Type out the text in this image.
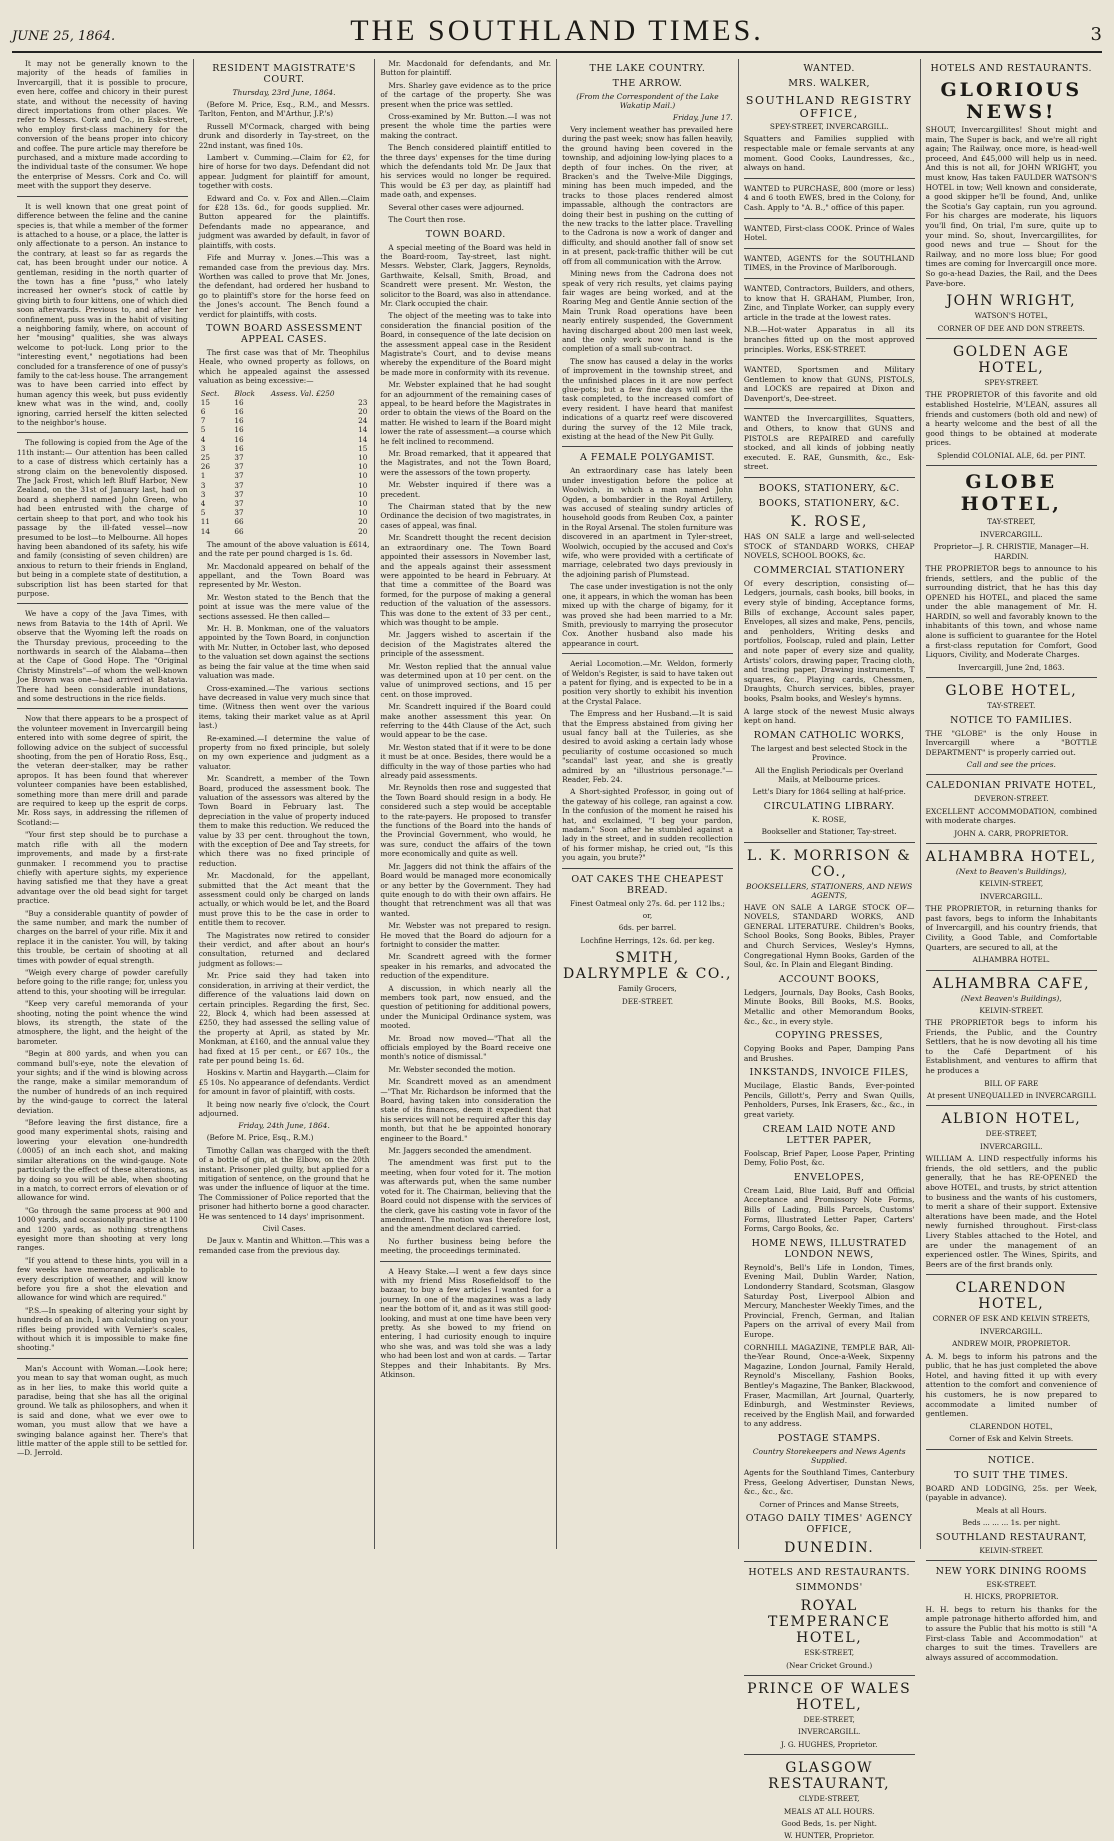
JUNE 25, 1864.	THE SOUTHLAND TIMES.	3

It may not be generally known to the majority of the heads of families in Invercargill, that it is possible to procure, even here, coffee and chicory in their purest state, and without the necessity of having direct importations from other places. We refer to Messrs. Cork and Co., in Esk-street, who employ first-class machinery for the conversion of the beans proper into chicory and coffee. The pure article may therefore be purchased, and a mixture made according to the individual taste of the consumer. We hope the enterprise of Messrs. Cork and Co. will meet with the support they deserve.

It is well known that one great point of difference between the feline and the canine species is, that while a member of the former is attached to a house, or a place, the latter is only affectionate to a person. An instance to the contrary, at least so far as regards the cat, has been brought under our notice. A gentleman, residing in the north quarter of the town has a fine "puss," who lately increased her owner's stock of cattle by giving birth to four kittens, one of which died soon afterwards. Previous to, and after her confinement, puss was in the habit of visiting a neighboring family, where, on account of her "mousing" qualities, she was always welcome to pot-luck. Long prior to the "interesting event," negotiations had been concluded for a transference of one of pussy's family to the cat-less house. The arrangement was to have been carried into effect by human agency this week, but puss evidently knew what was in the wind, and, coolly ignoring, carried herself the kitten selected to the neighbor's house.

The following is copied from the Age of the 11th instant:— Our attention has been called to a case of distress which certainly has a strong claim on the benevolently disposed. The Jack Frost, which left Bluff Harbor, New Zealand, on the 31st of January last, had on board a shepherd named John Green, who had been entrusted with the charge of certain sheep to that port, and who took his passage by the ill-fated vessel—now presumed to be lost—to Melbourne. All hopes having been abandoned of its safety, his wife and family (consisting of seven children) are anxious to return to their friends in England, but being in a complete state of destitution, a subscription list has been started for that purpose.

We have a copy of the Java Times, with news from Batavia to the 14th of April. We observe that the Wyoming left the roads on the Thursday previous, proceeding to the northwards in search of the Alabama—then at the Cape of Good Hope. The "Original Christy Minstrels"—of whom the well-known Joe Brown was one—had arrived at Batavia. There had been considerable inundations, and some destructions in the rice fields.

Now that there appears to be a prospect of the volunteer movement in Invercargill being entered into with some degree of spirit, the following advice on the subject of successful shooting, from the pen of Horatio Ross, Esq., the veteran deer-stalker, may be rather apropos. It has been found that wherever volunteer companies have been established, something more than mere drill and parade are required to keep up the esprit de corps. Mr. Ross says, in addressing the riflemen of Scotland:—

"Your first step should be to purchase a match rifle with all the modern improvements, and made by a first-rate gunmaker. I recommend you to practise chiefly with aperture sights, my experience having satisfied me that they have a great advantage over the old bead sight for target practice.

"Buy a considerable quantity of powder of the same number, and mark the number of charges on the barrel of your rifle. Mix it and replace it in the canister. You will, by taking this trouble, be certain of shooting at all times with powder of equal strength.

"Weigh every charge of powder carefully before going to the rifle range; for, unless you attend to this, your shooting will be irregular.

"Keep very careful memoranda of your shooting, noting the point whence the wind blows, its strength, the state of the atmosphere, the light, and the height of the barometer.

"Begin at 800 yards, and when you can command bull's-eye, note the elevation of your sights; and if the wind is blowing across the range, make a similar memorandum of the number of hundreds of an inch required by the wind-gauge to correct the lateral deviation.

"Before leaving the first distance, fire a good many experimental shots, raising and lowering your elevation one-hundredth (.0005) of an inch each shot, and making similar alterations on the wind-gauge. Note particularly the effect of these alterations, as by doing so you will be able, when shooting in a match, to correct errors of elevation or of allowance for wind.

"Go through the same process at 900 and 1000 yards, and occasionally practise at 1100 and 1200 yards, as nothing strengthens eyesight more than shooting at very long ranges.

"If you attend to these hints, you will in a few weeks have memoranda applicable to every description of weather, and will know before you fire a shot the elevation and allowance for wind which are required."

"P.S.—In speaking of altering your sight by hundreds of an inch, I am calculating on your rifles being provided with Vernier's scales, without which it is impossible to make fine shooting."

Man's Account with Woman.—Look here; you mean to say that woman ought, as much as in her lies, to make this world quite a paradise, being that she has all the original ground. We talk as philosophers, and when it is said and done, what we ever owe to woman, you must allow that we have a swinging balance against her. There's that little matter of the apple still to be settled for.—D. Jerrold.

RESIDENT MAGISTRATE'S COURT.
Thursday, 23rd June, 1864.

(Before M. Price, Esq., R.M., and Messrs. Tarlton, Fenton, and M'Arthur, J.P.'s)

Russell M'Cormack, charged with being drunk and disorderly in Tay-street, on the 22nd instant, was fined 10s.

Lambert v. Cumming.—Claim for £2, for hire of horse for two days. Defendant did not appear. Judgment for plaintiff for amount, together with costs.

Edward and Co. v. Fox and Allen.—Claim for £28 13s. 6d., for goods supplied. Mr. Button appeared for the plaintiffs. Defendants made no appearance, and judgment was awarded by default, in favor of plaintiffs, with costs.

Fife and Murray v. Jones.—This was a remanded case from the previous day. Mrs. Worthen was called to prove that Mr. Jones, the defendant, had ordered her husband to go to plaintiff's store for the horse feed on the Jones's account. The Bench found a verdict for plaintiffs, with costs.

TOWN BOARD ASSESSMENT APPEAL CASES.

The first case was that of Mr. Theophilus Heale, who owned property as follows, on which he appealed against the assessed valuation as being excessive:—

Sect.	Block	Assess. Val. £250
15	16	23
6	16	20
7	16	24
5	16	14
4	16	14
3	16	15
25	37	10
26	37	10
1	37	10
3	37	10
3	37	10
4	37	10
5	37	10
11	66	20
14	66	20

The amount of the above valuation is £614, and the rate per pound charged is 1s. 6d.

Mr. Macdonald appeared on behalf of the appellant, and the Town Board was represented by Mr. Weston.

Mr. Weston stated to the Bench that the point at issue was the mere value of the sections assessed. He then called—

Mr. H. B. Monkman, one of the valuators appointed by the Town Board, in conjunction with Mr. Nutter, in October last, who deposed to the valuation set down against the sections as being the fair value at the time when said valuation was made.

Cross-examined.—The various sections have decreased in value very much since that time. (Witness then went over the various items, taking their market value as at April last.)

Re-examined.—I determine the value of property from no fixed principle, but solely on my own experience and judgment as a valuator.

Mr. Scandrett, a member of the Town Board, produced the assessment book. The valuation of the assessors was altered by the Town Board in February last. The depreciation in the value of property induced them to make this reduction. We reduced the value by 33 per cent. throughout the town, with the exception of Dee and Tay streets, for which there was no fixed principle of reduction.

Mr. Macdonald, for the appellant, submitted that the Act meant that the assessment could only be charged on lands actually, or which would be let, and the Board must prove this to be the case in order to entitle them to recover.

The Magistrates now retired to consider their verdict, and after about an hour's consultation, returned and declared judgment as follows:—

Mr. Price said they had taken into consideration, in arriving at their verdict, the difference of the valuations laid down on certain principles. Regarding the first, Sec. 22, Block 4, which had been assessed at £250, they had assessed the selling value of the property at April, as stated by Mr. Monkman, at £160, and the annual value they had fixed at 15 per cent., or £67 10s., the rate per pound being 1s. 6d.

Hoskins v. Martin and Haygarth.—Claim for £5 10s. No appearance of defendants. Verdict for amount in favor of plaintiff, with costs.

It being now nearly five o'clock, the Court adjourned.

Friday, 24th June, 1864.

(Before M. Price, Esq., R.M.)

Timothy Callan was charged with the theft of a bottle of gin, at the Elbow, on the 20th instant. Prisoner pled guilty, but applied for a mitigation of sentence, on the ground that he was under the influence of liquor at the time. The Commissioner of Police reported that the prisoner had hitherto borne a good character. He was sentenced to 14 days' imprisonment.

Civil Cases.

De Jaux v. Mantin and Whitton.—This was a remanded case from the previous day.

Mr. Macdonald for defendants, and Mr. Button for plaintiff.

Mrs. Sharley gave evidence as to the price of the cartage of the property. She was present when the price was settled.

Cross-examined by Mr. Button.—I was not present the whole time the parties were making the contract.

The Bench considered plaintiff entitled to the three days' expenses for the time during which the defendants told Mr. De Jaux that his services would no longer be required. This would be £3 per day, as plaintiff had made oath, and expenses.

Several other cases were adjourned.

The Court then rose.

TOWN BOARD.

A special meeting of the Board was held in the Board-room, Tay-street, last night. Messrs. Webster, Clark, Jaggers, Reynolds, Garthwaite, Kelsall, Smith, Broad, and Scandrett were present. Mr. Weston, the solicitor to the Board, was also in attendance. Mr. Clark occupied the chair.

The object of the meeting was to take into consideration the financial position of the Board, in consequence of the late decision on the assessment appeal case in the Resident Magistrate's Court, and to devise means whereby the expenditure of the Board might be made more in conformity with its revenue.

Mr. Webster explained that he had sought for an adjournment of the remaining cases of appeal, to be heard before the Magistrates in order to obtain the views of the Board on the matter. He wished to learn if the Board might lower the rate of assessment—a course which he felt inclined to recommend.

Mr. Broad remarked, that it appeared that the Magistrates, and not the Town Board, were the assessors of the town property.

Mr. Webster inquired if there was a precedent.

The Chairman stated that by the new Ordinance the decision of two magistrates, in cases of appeal, was final.

Mr. Scandrett thought the recent decision an extraordinary one. The Town Board appointed their assessors in November last, and the appeals against their assessment were appointed to be heard in February. At that time a committee of the Board was formed, for the purpose of making a general reduction of the valuation of the assessors. This was done to the extent of 33 per cent., which was thought to be ample.

Mr. Jaggers wished to ascertain if the decision of the Magistrates altered the principle of the assessment.

Mr. Weston replied that the annual value was determined upon at 10 per cent. on the value of unimproved sections, and 15 per cent. on those improved.

Mr. Scandrett inquired if the Board could make another assessment this year. On referring to the 44th Clause of the Act, such would appear to be the case.

Mr. Weston stated that if it were to be done it must be at once. Besides, there would be a difficulty in the way of those parties who had already paid assessments.

Mr. Reynolds then rose and suggested that the Town Board should resign in a body. He considered such a step would be acceptable to the rate-payers. He proposed to transfer the functions of the Board into the hands of the Provincial Government, who would, he was sure, conduct the affairs of the town more economically and quite as well.

Mr. Jaggers did not think the affairs of the Board would be managed more economically or any better by the Government. They had quite enough to do with their own affairs. He thought that retrenchment was all that was wanted.

Mr. Webster was not prepared to resign. He moved that the Board do adjourn for a fortnight to consider the matter.

Mr. Scandrett agreed with the former speaker in his remarks, and advocated the reduction of the expenditure.

A discussion, in which nearly all the members took part, now ensued, and the question of petitioning for additional powers, under the Municipal Ordinance system, was mooted.

Mr. Broad now moved—"That all the officials employed by the Board receive one month's notice of dismissal."

Mr. Webster seconded the motion.

Mr. Scandrett moved as an amendment—"That Mr. Richardson be informed that the Board, having taken into consideration the state of its finances, deem it expedient that his services will not be required after this day month, but that he be appointed honorary engineer to the Board."

Mr. Jaggers seconded the amendment.

The amendment was first put to the meeting, when four voted for it. The motion was afterwards put, when the same number voted for it. The Chairman, believing that the Board could not dispense with the services of the clerk, gave his casting vote in favor of the amendment. The motion was therefore lost, and the amendment declared carried.

No further business being before the meeting, the proceedings terminated.

A Heavy Stake.—I went a few days since with my friend Miss Rosefieldsoff to the bazaar, to buy a few articles I wanted for a journey. In one of the magazines was a lady near the bottom of it, and as it was still good-looking, and must at one time have been very pretty. As she bowed to my friend on entering, I had curiosity enough to inquire who she was, and was told she was a lady who had been lost and won at cards. — Tartar Steppes and their Inhabitants. By Mrs. Atkinson.

THE LAKE COUNTRY.
THE ARROW.
(From the Correspondent of the Lake Wakatip Mail.)
Friday, June 17.

Very inclement weather has prevailed here during the past week; snow has fallen heavily, the ground having been covered in the township, and adjoining low-lying places to a depth of four inches. On the river, at Bracken's and the Twelve-Mile Diggings, mining has been much impeded, and the tracks to those places rendered almost impassable, although the contractors are doing their best in pushing on the cutting of the new tracks to the latter place. Travelling to the Cadrona is now a work of danger and difficulty, and should another fall of snow set in at present, pack-traffic thither will be cut off from all communication with the Arrow.

Mining news from the Cadrona does not speak of very rich results, yet claims paying fair wages are being worked, and at the Roaring Meg and Gentle Annie section of the Main Trunk Road operations have been nearly entirely suspended, the Government having discharged about 200 men last week, and the only work now in hand is the completion of a small sub-contract.

The snow has caused a delay in the works of improvement in the township street, and the unfinished places in it are now perfect glue-pots; but a few fine days will see the task completed, to the increased comfort of every resident. I have heard that manifest indications of a quartz reef were discovered during the survey of the 12 Mile track, existing at the head of the New Pit Gully.

A FEMALE POLYGAMIST.

An extraordinary case has lately been under investigation before the police at Woolwich, in which a man named John Ogden, a bombardier in the Royal Artillery, was accused of stealing sundry articles of household goods from Reuben Cox, a painter in the Royal Arsenal. The stolen furniture was discovered in an apartment in Tyler-street, Woolwich, occupied by the accused and Cox's wife, who were provided with a certificate of marriage, celebrated two days previously in the adjoining parish of Plumstead.

The case under investigation is not the only one, it appears, in which the woman has been mixed up with the charge of bigamy, for it was proved she had been married to a Mr. Smith, previously to marrying the prosecutor Cox. Another husband also made his appearance in court.

Aerial Locomotion.—Mr. Weldon, formerly of Weldon's Register, is said to have taken out a patent for flying, and is expected to be in a position very shortly to exhibit his invention at the Crystal Palace.

The Empress and her Husband.—It is said that the Empress abstained from giving her usual fancy ball at the Tuileries, as she desired to avoid asking a certain lady whose peculiarity of costume occasioned so much "scandal" last year, and she is greatly admired by an "illustrious personage."—Reader, Feb. 24.

A Short-sighted Professor, in going out of the gateway of his college, ran against a cow. In the confusion of the moment he raised his hat, and exclaimed, "I beg your pardon, madam." Soon after he stumbled against a lady in the street, and in sudden recollection of his former mishap, he cried out, "Is this you again, you brute?"

OAT CAKES THE CHEAPEST BREAD.

Finest Oatmeal only 27s. 6d. per 112 lbs.;

or,

6ds. per barrel.

Lochfine Herrings, 12s. 6d. per keg.

SMITH, DALRYMPLE & CO.,

Family Grocers,

DEE-STREET.

WANTED.
MRS. WALKER,
SOUTHLAND REGISTRY OFFICE,

SPEY-STREET, INVERCARGILL.

Squatters and Families supplied with respectable male or female servants at any moment. Good Cooks, Laundresses, &c., always on hand.

WANTED to PURCHASE, 800 (more or less) 4 and 6 tooth EWES, bred in the Colony, for Cash. Apply to "A. B.," office of this paper.

WANTED, First-class COOK. Prince of Wales Hotel.

WANTED, AGENTS for the SOUTHLAND TIMES, in the Province of Marlborough.

WANTED, Contractors, Builders, and others, to know that H. GRAHAM, Plumber, Iron, Zinc, and Tinplate Worker, can supply every article in the trade at the lowest rates.

N.B.—Hot-water Apparatus in all its branches fitted up on the most approved principles. Works, ESK-STREET.

WANTED, Sportsmen and Military Gentlemen to know that GUNS, PISTOLS, and LOCKS are repaired at Dixon and Davenport's, Dee-street.

WANTED the Invercargillites, Squatters, and Others, to know that GUNS and PISTOLS are REPAIRED and carefully stocked, and all kinds of jobbing neatly executed. E. RAE, Gunsmith, &c., Esk-street.

BOOKS, STATIONERY, &C.
BOOKS, STATIONERY, &C.
K. ROSE,

HAS ON SALE a large and well-selected STOCK of STANDARD WORKS, CHEAP NOVELS, SCHOOL BOOKS, &c.

COMMERCIAL STATIONERY

Of every description, consisting of—Ledgers, journals, cash books, bill books, in every style of binding, Acceptance forms, Bills of exchange, Account sales paper, Envelopes, all sizes and make, Pens, pencils, and penholders, Writing desks and portfolios, Foolscap, ruled and plain, Letter and note paper of every size and quality, Artists' colors, drawing paper, Tracing cloth, and tracing paper, Drawing instruments, T squares, &c., Playing cards, Chessmen, Draughts, Church services, bibles, prayer books, Psalm books, and Wesley's hymns.

A large stock of the newest Music always kept on hand.

ROMAN CATHOLIC WORKS,

The largest and best selected Stock in the Province.

All the English Periodicals per Overland Mails, at Melbourne prices.

Lett's Diary for 1864 selling at half-price.

CIRCULATING LIBRARY.

K. ROSE,

Bookseller and Stationer, Tay-street.

L. K. MORRISON & CO.,
BOOKSELLERS, STATIONERS, AND NEWS AGENTS,

HAVE ON SALE A LARGE STOCK OF—NOVELS, STANDARD WORKS, AND GENERAL LITERATURE. Children's Books, School Books, Song Books, Bibles, Prayer and Church Services, Wesley's Hymns, Congregational Hymn Books, Garden of the Soul, &c. In Plain and Elegant Binding.

ACCOUNT BOOKS,

Ledgers, Journals, Day Books, Cash Books, Minute Books, Bill Books, M.S. Books, Metallic and other Memorandum Books, &c., &c., in every style.

COPYING PRESSES,

Copying Books and Paper, Damping Pans and Brushes.

INKSTANDS, INVOICE FILES,

Mucilage, Elastic Bands, Ever-pointed Pencils, Gillott's, Perry and Swan Quills, Penholders, Purses, Ink Erasers, &c., &c., in great variety.

CREAM LAID NOTE AND LETTER PAPER,

Foolscap, Brief Paper, Loose Paper, Printing Demy, Folio Post, &c.

ENVELOPES,

Cream Laid, Blue Laid, Buff and Official Acceptance and Promissory Note Forms, Bills of Lading, Bills Parcels, Customs' Forms, Illustrated Letter Paper, Carters' Forms, Cargo Books, &c.

HOME NEWS, ILLUSTRATED LONDON NEWS,

Reynold's, Bell's Life in London, Times, Evening Mail, Dublin Warder, Nation, Londonderry Standard, Scotsman, Glasgow Saturday Post, Liverpool Albion and Mercury, Manchester Weekly Times, and the Provincial, French, German, and Italian Papers on the arrival of every Mail from Europe.

CORNHILL MAGAZINE, TEMPLE BAR, All-the-Year Round, Once-a-Week, Sixpenny Magazine, London Journal, Family Herald, Reynold's Miscellany, Fashion Books, Bentley's Magazine, The Banker, Blackwood, Fraser, Macmillan, Art Journal, Quarterly, Edinburgh, and Westminster Reviews, received by the English Mail, and forwarded to any address.

POSTAGE STAMPS.
Country Storekeepers and News Agents Supplied.

Agents for the Southland Times, Canterbury Press, Geelong Advertiser, Dunstan News, &c., &c., &c.

Corner of Princes and Manse Streets,

OTAGO DAILY TIMES' AGENCY OFFICE,
DUNEDIN.
HOTELS AND RESTAURANTS.
SIMMONDS'
ROYAL TEMPERANCE HOTEL,

ESK-STREET,

(Near Cricket Ground.)

PRINCE OF WALES HOTEL,

DEE-STREET,

INVERCARGILL.

J. G. HUGHES, Proprietor.

GLASGOW RESTAURANT,

CLYDE-STREET,

MEALS AT ALL HOURS.

Good Beds, 1s. per Night.

W. HUNTER, Proprietor.

HOTELS AND RESTAURANTS.
GLORIOUS NEWS!

SHOUT, Invercargillites! Shout might and main, The Super is back, and we're all right again; The Railway, once more, is head-well proceed, And £45,000 will help us in need. And this is not all, for JOHN WRIGHT, you must know, Has taken FAULDER WATSON'S HOTEL in tow; Well known and considerate, a good skipper he'll be found, And, unlike the Scotia's Gay captain, run you aground. For his charges are moderate, his liquors you'll find, On trial, I'm sure, quite up to your mind. So, shout, Invercargillites, for good news and true — Shout for the Railway, and no more loss blue; For good times are coming for Invercargill once more. So go-a-head Dazies, the Rail, and the Dees Pave-bore.

JOHN WRIGHT,

WATSON'S HOTEL,

CORNER OF DEE AND DON STREETS.

GOLDEN AGE HOTEL,

SPEY-STREET.

THE PROPRIETOR of this favorite and old established Hostelrie, M'LEAN, assures all friends and customers (both old and new) of a hearty welcome and the best of all the good things to be obtained at moderate prices.

Splendid COLONIAL ALE, 6d. per PINT.

GLOBE HOTEL,

TAY-STREET,

INVERCARGILL.

Proprietor—J. R. CHRISTIE, Manager—H. HARDIN.

THE PROPRIETOR begs to announce to his friends, settlers, and the public of the surrounding district, that he has this day OPENED his HOTEL, and placed the same under the able management of Mr. H. HARDIN, so well and favorably known to the inhabitants of this town, and whose name alone is sufficient to guarantee for the Hotel a first-class reputation for Comfort, Good Liquors, Civility, and Moderate Charges.

Invercargill, June 2nd, 1863.

GLOBE HOTEL,

TAY-STREET.

NOTICE TO FAMILIES.

THE "GLOBE" is the only House in Invercargill where a "BOTTLE DEPARTMENT" is properly carried out.

Call and see the prices.
CALEDONIAN PRIVATE HOTEL,

DEVERON-STREET.

EXCELLENT ACCOMMODATION, combined with moderate charges.

JOHN A. CARR, PROPRIETOR.

ALHAMBRA HOTEL,
(Next to Beaven's Buildings),

KELVIN-STREET,

INVERCARGILL.

THE PROPRIETOR, in returning thanks for past favors, begs to inform the Inhabitants of Invercargill, and his country friends, that Civility, a Good Table, and Comfortable Quarters, are secured to all, at the

ALHAMBRA HOTEL.

ALHAMBRA CAFE,
(Next Beaven's Buildings),

KELVIN-STREET.

THE PROPRIETOR begs to inform his Friends, the Public, and the Country Settlers, that he is now devoting all his time to the Café Department of his Establishment, and ventures to affirm that he produces a

BILL OF FARE

At present UNEQUALLED in INVERCARGILL

ALBION HOTEL,

DEE-STREET,

INVERCARGILL.

WILLIAM A. LIND respectfully informs his friends, the old settlers, and the public generally, that he has RE-OPENED the above HOTEL, and trusts, by strict attention to business and the wants of his customers, to merit a share of their support. Extensive alterations have been made, and the Hotel newly furnished throughout. First-class Livery Stables attached to the Hotel, and are under the management of an experienced ostler. The Wines, Spirits, and Beers are of the first brands only.

CLARENDON HOTEL,

CORNER OF ESK AND KELVIN STREETS,

INVERCARGILL.

ANDREW MOIR, PROPRIETOR.

A. M. begs to inform his patrons and the public, that he has just completed the above Hotel, and having fitted it up with every attention to the comfort and convenience of his customers, he is now prepared to accommodate a limited number of gentlemen.

CLARENDON HOTEL,

Corner of Esk and Kelvin Streets.

NOTICE.
TO SUIT THE TIMES.

BOARD AND LODGING, 25s. per Week, (payable in advance).

Meals at all Hours.

Beds ... ... ... 1s. per night.

SOUTHLAND RESTAURANT,

KELVIN-STREET.

NEW YORK DINING ROOMS

ESK-STREET.

H. HICKS, PROPRIETOR.

H. H. begs to return his thanks for the ample patronage hitherto afforded him, and to assure the Public that his motto is still "A First-class Table and Accommodation" at charges to suit the times. Travellers are always assured of accommodation.
